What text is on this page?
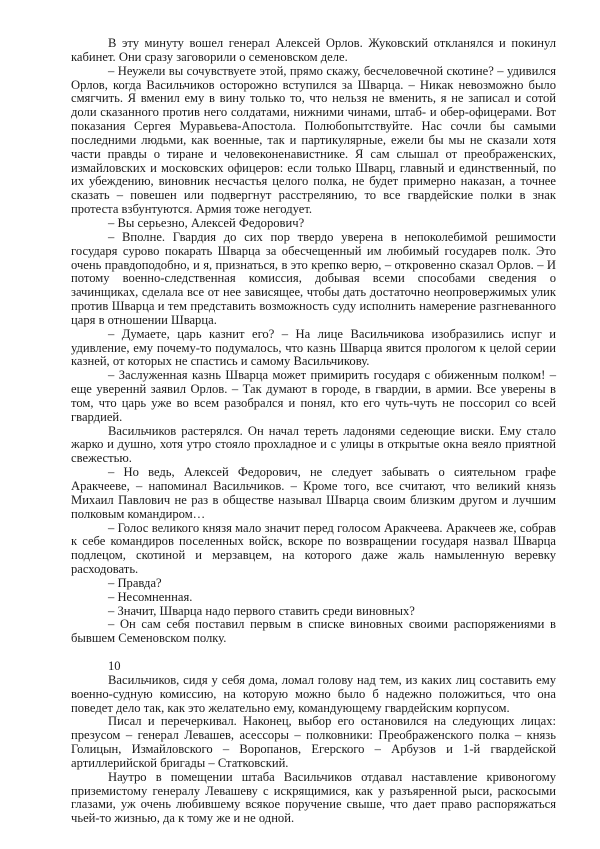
В эту минуту вошел генерал Алексей Орлов. Жуковский откланялся и покинул кабинет. Они сразу заговорили о семеновском деле.

– Неужели вы сочувствуете этой, прямо скажу, бесчеловечной скотине? – удивился Орлов, когда Васильчиков осторожно вступился за Шварца. – Никак невозможно было смягчить. Я вменил ему в вину только то, что нельзя не вменить, я не записал и сотой доли сказанного против него солдатами, нижними чинами, штаб- и обер-офицерами. Вот показания Сергея Муравьева-Апостола. Полюбопытствуйте. Нас сочли бы самыми последними людьми, как военные, так и партикулярные, ежели бы мы не сказали хотя части правды о тиране и человеконенавистнике. Я сам слышал от преображенских, измайловских и московских офицеров: если только Шварц, главный и единственный, по их убеждению, виновник несчастья целого полка, не будет примерно наказан, а точнее сказать – повешен или подвергнут расстрелянию, то все гвардейские полки в знак протеста взбунтуются. Армия тоже негодует.

– Вы серьезно, Алексей Федорович?

– Вполне. Гвардия до сих пор твердо уверена в непоколебимой решимости государя сурово покарать Шварца за обесчещенный им любимый государев полк. Это очень правдоподобно, и я, признаться, в это крепко верю, – откровенно сказал Орлов. – И потому военно-следственная комиссия, добывая всеми способами сведения о зачинщиках, сделала все от нее зависящее, чтобы дать достаточно неопровержимых улик против Шварца и тем представить возможность суду исполнить намерение разгневанного царя в отношении Шварца.

– Думаете, царь казнит его? – На лице Васильчикова изобразились испуг и удивление, ему почему-то подумалось, что казнь Шварца явится прологом к целой серии казней, от которых не спастись и самому Васильчикову.

– Заслуженная казнь Шварца может примирить государя с обиженным полком! – еще увереннй заявил Орлов. – Так думают в городе, в гвардии, в армии. Все уверены в том, что царь уже во всем разобрался и понял, кто его чуть-чуть не поссорил со всей гвардией.

Васильчиков растерялся. Он начал тереть ладонями седеющие виски. Ему стало жарко и душно, хотя утро стояло прохладное и с улицы в открытые окна веяло приятной свежестью.

– Но ведь, Алексей Федорович, не следует забывать о сиятельном графе Аракчееве, – напоминал Васильчиков. – Кроме того, все считают, что великий князь Михаил Павлович не раз в обществе называл Шварца своим близким другом и лучшим полковым командиром…

– Голос великого князя мало значит перед голосом Аракчеева. Аракчеев же, собрав к себе командиров поселенных войск, вскоре по возвращении государя назвал Шварца подлецом, скотиной и мерзавцем, на которого даже жаль намыленную веревку расходовать.

– Правда?

– Несомненная.

– Значит, Шварца надо первого ставить среди виновных?

– Он сам себя поставил первым в списке виновных своими распоряжениями в бывшем Семеновском полку.

10

Васильчиков, сидя у себя дома, ломал голову над тем, из каких лиц составить ему военно-судную комиссию, на которую можно было б надежно положиться, что она поведет дело так, как это желательно ему, командующему гвардейским корпусом.

Писал и перечеркивал. Наконец, выбор его остановился на следующих лицах: презусом – генерал Левашев, асессоры – полковники: Преображенского полка – князь Голицын, Измайловского – Воропанов, Егерского – Арбузов и 1-й гвардейской артиллерийской бригады – Статковский.

Наутро в помещении штаба Васильчиков отдавал наставление кривоногому приземистому генералу Левашеву с искрящимися, как у разъяренной рыси, раскосыми глазами, уж очень любившему всякое поручение свыше, что дает право распоряжаться чьей-то жизнью, да к тому же и не одной.
